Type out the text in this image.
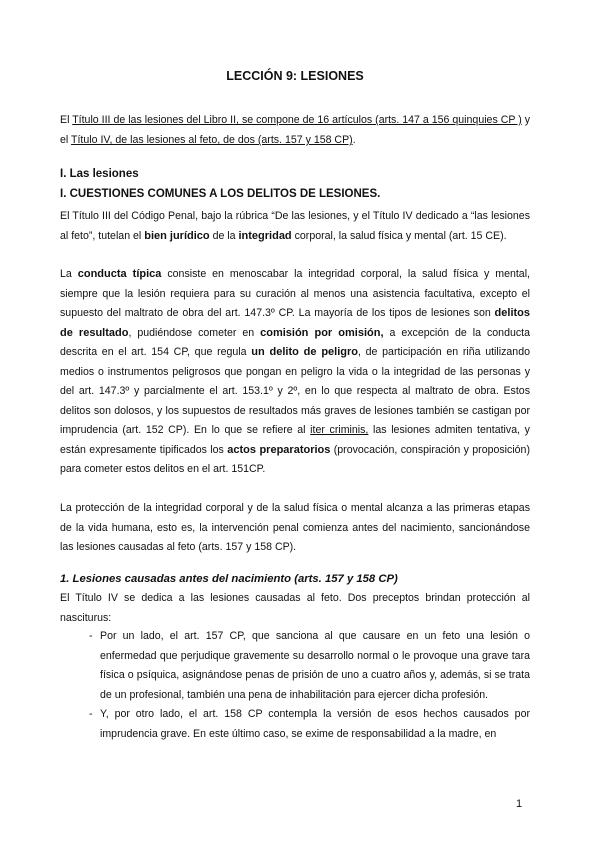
LECCIÓN 9: LESIONES
El Título III de las lesiones del Libro II, se compone de 16 artículos (arts. 147 a 156 quinquies CP ) y el Título IV, de las lesiones al feto, de dos (arts. 157 y 158 CP).
I. Las lesiones
I. CUESTIONES COMUNES A LOS DELITOS DE LESIONES.
El Título III del Código Penal, bajo la rúbrica “De las lesiones, y el Título IV dedicado a “las lesiones al feto”, tutelan el bien jurídico de la integridad corporal, la salud física y mental (art. 15 CE).
La conducta típica consiste en menoscabar la integridad corporal, la salud física y mental, siempre que la lesión requiera para su curación al menos una asistencia facultativa, excepto el supuesto del maltrato de obra del art. 147.3º CP. La mayoría de los tipos de lesiones son delitos de resultado, pudiéndose cometer en comisión por omisión, a excepción de la conducta descrita en el art. 154 CP, que regula un delito de peligro, de participación en riña utilizando medios o instrumentos peligrosos que pongan en peligro la vida o la integridad de las personas y del art. 147.3º y parcialmente el art. 153.1º y 2º, en lo que respecta al maltrato de obra. Estos delitos son dolosos, y los supuestos de resultados más graves de lesiones también se castigan por imprudencia (art. 152 CP). En lo que se refiere al iter criminis, las lesiones admiten tentativa, y están expresamente tipificados los actos preparatorios (provocación, conspiración y proposición) para cometer estos delitos en el art. 151CP.
La protección de la integridad corporal y de la salud física o mental alcanza a las primeras etapas de la vida humana, esto es, la intervención penal comienza antes del nacimiento, sancionándose las lesiones causadas al feto (arts. 157 y 158 CP).
1. Lesiones causadas antes del nacimiento (arts. 157 y 158 CP)
El Título IV se dedica a las lesiones causadas al feto. Dos preceptos brindan protección al nasciturus:
- Por un lado, el art. 157 CP, que sanciona al que causare en un feto una lesión o enfermedad que perjudique gravemente su desarrollo normal o le provoque una grave tara física o psíquica, asignándose penas de prisión de uno a cuatro años y, además, si se trata de un profesional, también una pena de inhabilitación para ejercer dicha profesión.
- Y, por otro lado, el art. 158 CP contempla la versión de esos hechos causados por imprudencia grave. En este último caso, se exime de responsabilidad a la madre, en
1
